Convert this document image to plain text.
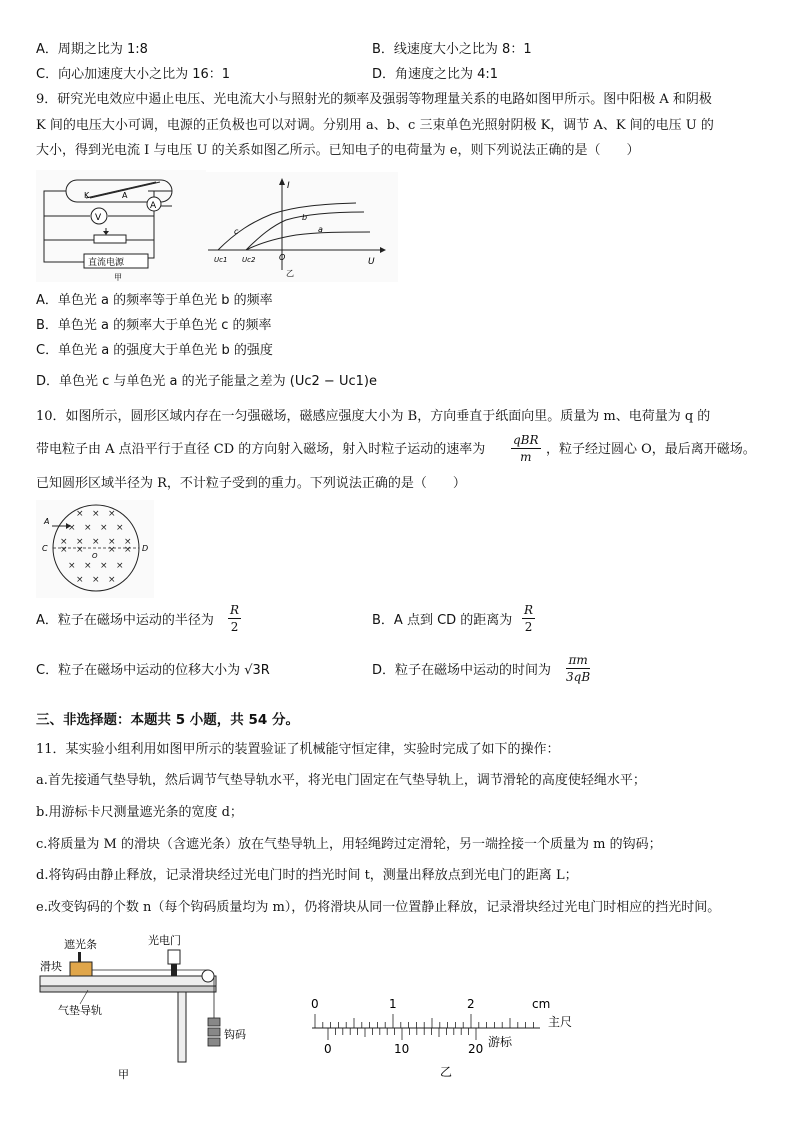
A．周期之比为 1:8	B．线速度大小之比为 8：1
C．向心加速度大小之比为 16：1	D．角速度之比为 4:1
9．研究光电效应中遏止电压、光电流大小与照射光的频率及强弱等物理量关系的电路如图甲所示。图中阳极 A 和阴极
K 间的电压大小可调，电源的正负极也可以对调。分别用 a、b、c 三束单色光照射阴极 K，调节 A、K 间的电压 U 的
大小，得到光电流 I 与电压 U 的关系如图乙所示。已知电子的电荷量为 e，则下列说法正确的是（　　）
K	A
V
A
直流电源
甲
I
U
b
a
c
O
Uc1 Uc2
乙
A．单色光 a 的频率等于单色光 b 的频率
B．单色光 a 的频率大于单色光 c 的频率
C．单色光 a 的强度大于单色光 b 的强度
D．单色光 c 与单色光 a 的光子能量之差为 (Uc2 − Uc1)e
10．如图所示，圆形区域内存在一匀强磁场，磁感应强度大小为 B，方向垂直于纸面向里。质量为 m、电荷量为 q 的
带电粒子由 A 点沿平行于直径 CD 的方向射入磁场，射入时粒子运动的速率为
qBR
m	，粒子经过圆心 O，最后离开磁场。
已知圆形区域半径为 R，不计粒子受到的重力。下列说法正确的是（　　）
A
C	D
O
× × ×
× × × ×
× × × × ×
× ×	× ×
× × × ×
× × ×
A．粒子在磁场中运动的半径为 $\frac{R}{2}$	B．A 点到 CD 的距离为 $\frac{R}{2}$
C．粒子在磁场中运动的位移大小为 √3R	D．粒子在磁场中运动的时间为 $\frac{\pi m}{3qB}$
三、非选择题：本题共 5 小题，共 54 分。
11．某实验小组利用如图甲所示的装置验证了机械能守恒定律，实验时完成了如下的操作：
a.首先接通气垫导轨，然后调节气垫导轨水平，将光电门固定在气垫导轨上，调节滑轮的高度使轻绳水平；
b.用游标卡尺测量遮光条的宽度 d；
c.将质量为 M 的滑块（含遮光条）放在气垫导轨上，用轻绳跨过定滑轮，另一端拴接一个质量为 m 的钩码；
d.将钩码由静止释放，记录滑块经过光电门时的挡光时间 t，测量出释放点到光电门的距离 L；
e.改变钩码的个数 n（每个钩码质量均为 m），仍将滑块从同一位置静止释放，记录滑块经过光电门时相应的挡光时间。
遮光条	光电门
滑块
气垫导轨
钩码
甲
0	1	2	cm
主尺
0	10	20 游标
乙
